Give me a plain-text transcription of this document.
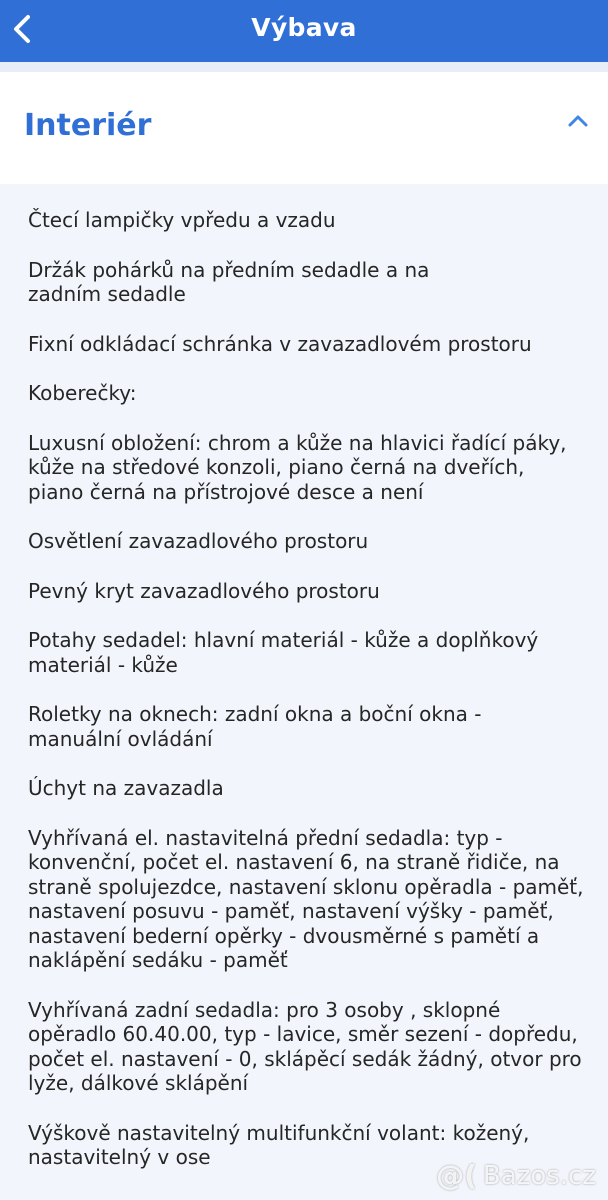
Výbava
Interiér
Čtecí lampičky vpředu a vzadu
Držák pohárků na předním sedadle a na
zadním sedadle
Fixní odkládací schránka v zavazadlovém prostoru
Koberečky:
Luxusní obložení: chrom a kůže na hlavici řadící páky,
kůže na středové konzoli, piano černá na dveřích,
piano černá na přístrojové desce a není
Osvětlení zavazadlového prostoru
Pevný kryt zavazadlového prostoru
Potahy sedadel: hlavní materiál - kůže a doplňkový
materiál - kůže
Roletky na oknech: zadní okna a boční okna -
manuální ovládání
Úchyt na zavazadla
Vyhřívaná el. nastavitelná přední sedadla: typ -
konvenční, počet el. nastavení 6, na straně řidiče, na
straně spolujezdce, nastavení sklonu opěradla - paměť,
nastavení posuvu - paměť, nastavení výšky - paměť,
nastavení bederní opěrky - dvousměrné s pamětí a
naklápění sedáku - paměť
Vyhřívaná zadní sedadla: pro 3 osoby , sklopné
opěradlo 60.40.00, typ - lavice, směr sezení - dopředu,
počet el. nastavení - 0, sklápěcí sedák žádný, otvor pro
lyže, dálkové sklápění
Výškově nastavitelný multifunkční volant: kožený,
nastavitelný v ose
@( Bazos.cz
